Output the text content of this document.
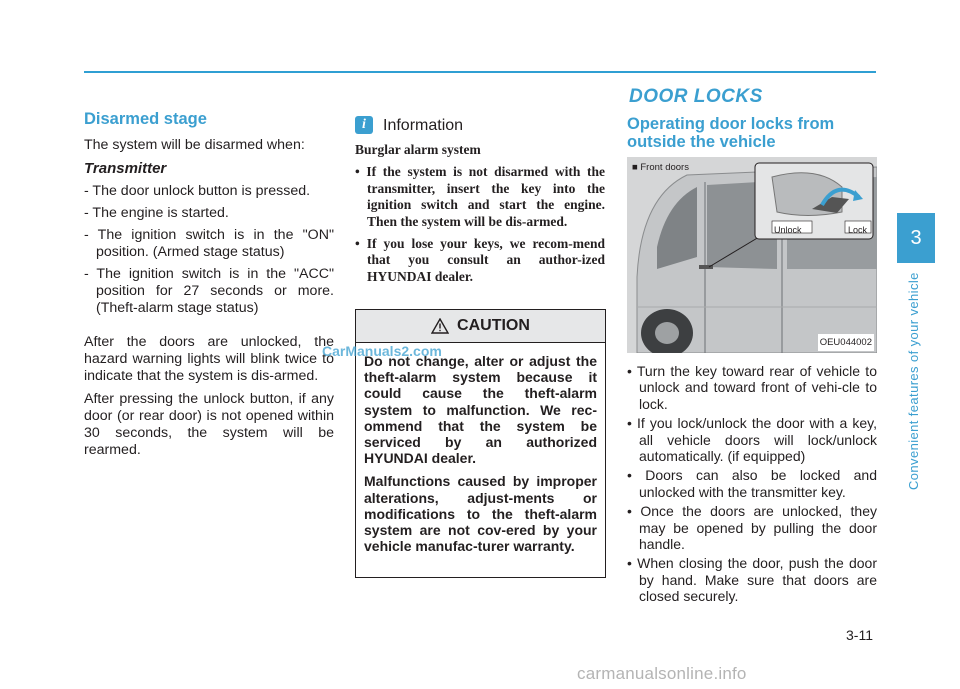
Disarmed stage

The system will be disarmed when:

Transmitter
- The door unlock button is pressed.
- The engine is started.
- The ignition switch is in the "ON" position. (Armed stage status)
- The ignition switch is in the "ACC" position for 27 seconds or more. (Theft-alarm stage status)

After the doors are unlocked, the hazard warning lights will blink twice to indicate that the system is dis-armed.

After pressing the unlock button, if any door (or rear door) is not opened within 30 seconds, the system will be rearmed.

i	Information
Burglar alarm system
• If the system is not disarmed with the transmitter, insert the key into the ignition switch and start the engine. Then the system will be dis-armed.
• If you lose your keys, we recom-mend that you consult an author-ized HYUNDAI dealer.
CAUTION

Do not change, alter or adjust the theft-alarm system because it could cause the theft-alarm system to malfunction. We rec-ommend that the system be serviced by an authorized HYUNDAI dealer.

Malfunctions caused by improper alterations, adjust-ments or modifications to the theft-alarm system are not cov-ered by your vehicle manufac-turer warranty.

CarManuals2.com
DOOR LOCKS
Operating door locks from outside the vehicle
■ Front doors
Unlock	Lock
OEU044002
• Turn the key toward rear of vehicle to unlock and toward front of vehi-cle to lock.
• If you lock/unlock the door with a key, all vehicle doors will lock/unlock automatically. (if equipped)
• Doors can also be locked and unlocked with the transmitter key.
• Once the doors are unlocked, they may be opened by pulling the door handle.
• When closing the door, push the door by hand. Make sure that doors are closed securely.
3
Convenient features of your vehicle
3-11
carmanualsonline.info
